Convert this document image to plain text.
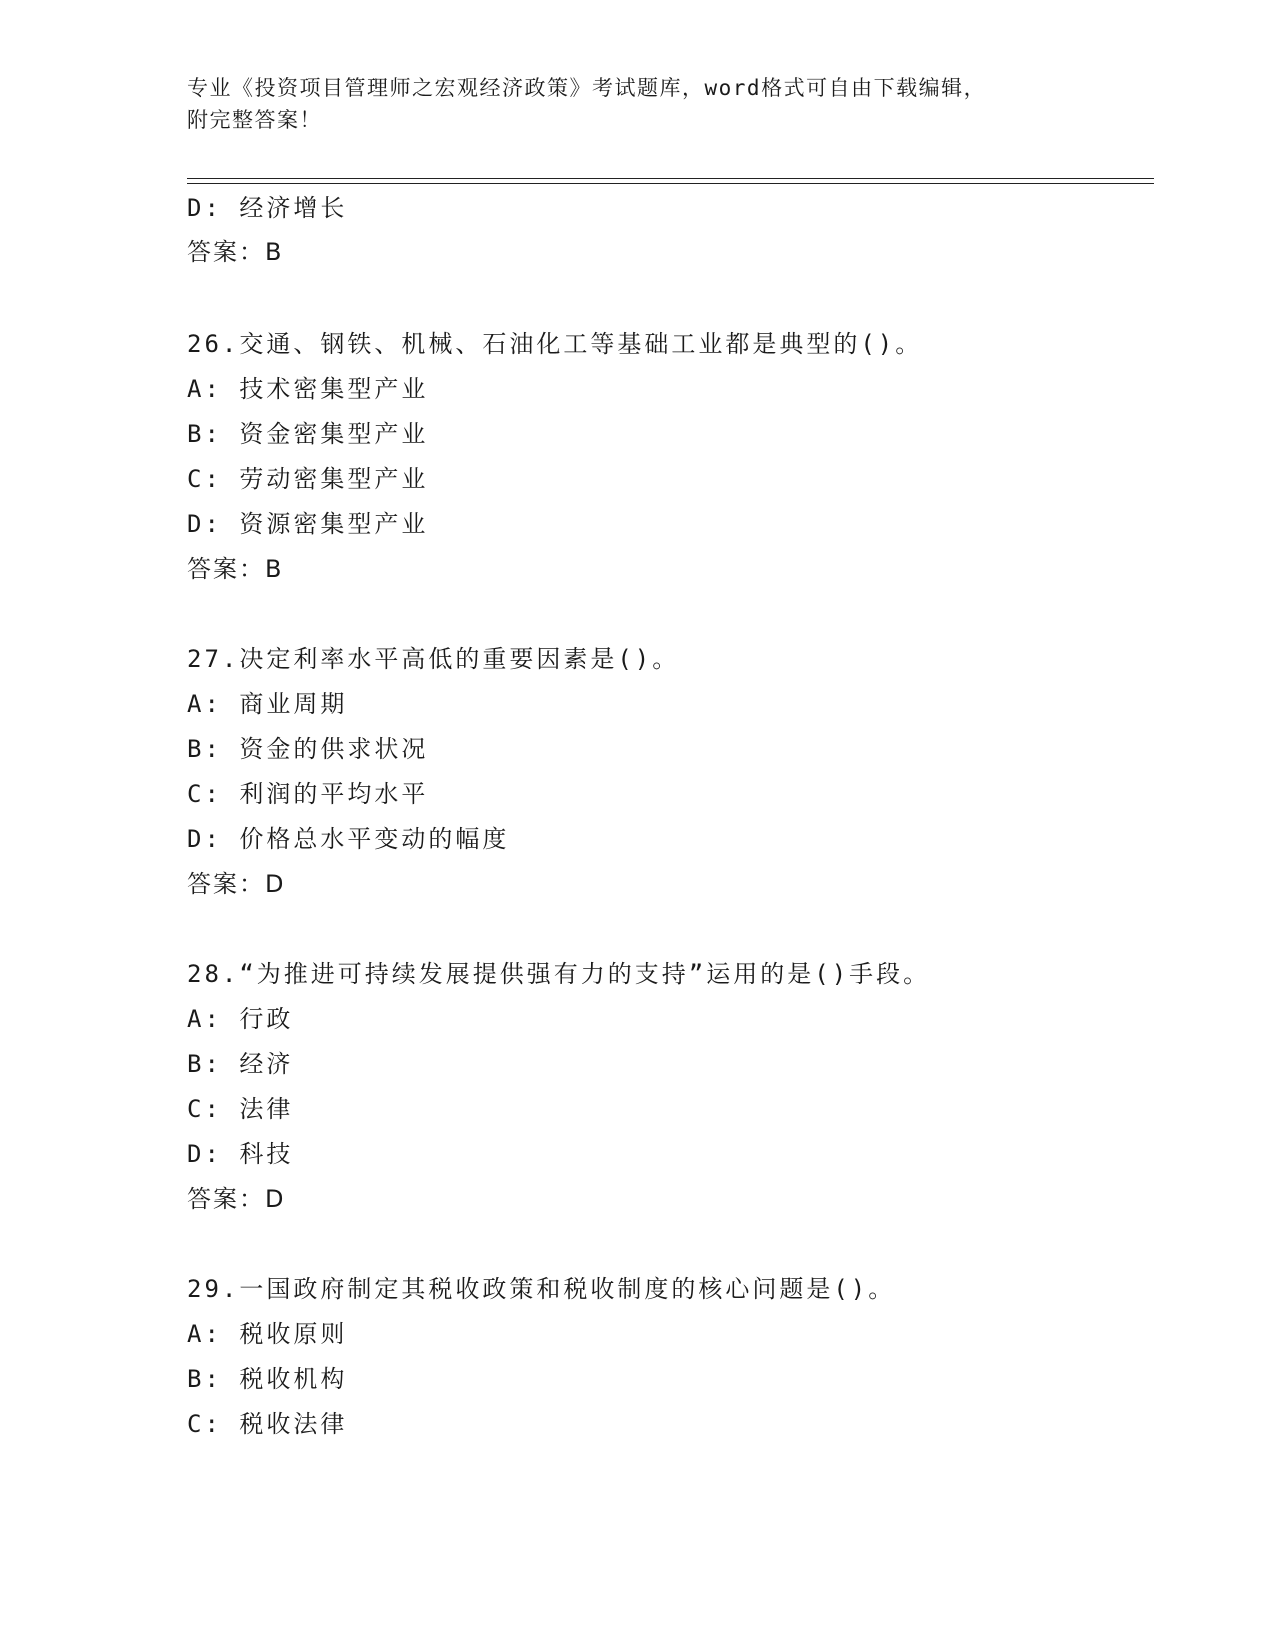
专业《投资项目管理师之宏观经济政策》考试题库，word格式可自由下载编辑，
附完整答案！
D: 经济增长
答案：B
26.交通、钢铁、机械、石油化工等基础工业都是典型的()。
A: 技术密集型产业
B: 资金密集型产业
C: 劳动密集型产业
D: 资源密集型产业
答案：B
27.决定利率水平高低的重要因素是()。
A: 商业周期
B: 资金的供求状况
C: 利润的平均水平
D: 价格总水平变动的幅度
答案：D
28.“为推进可持续发展提供强有力的支持”运用的是()手段。
A: 行政
B: 经济
C: 法律
D: 科技
答案：D
29.一国政府制定其税收政策和税收制度的核心问题是()。
A: 税收原则
B: 税收机构
C: 税收法律
